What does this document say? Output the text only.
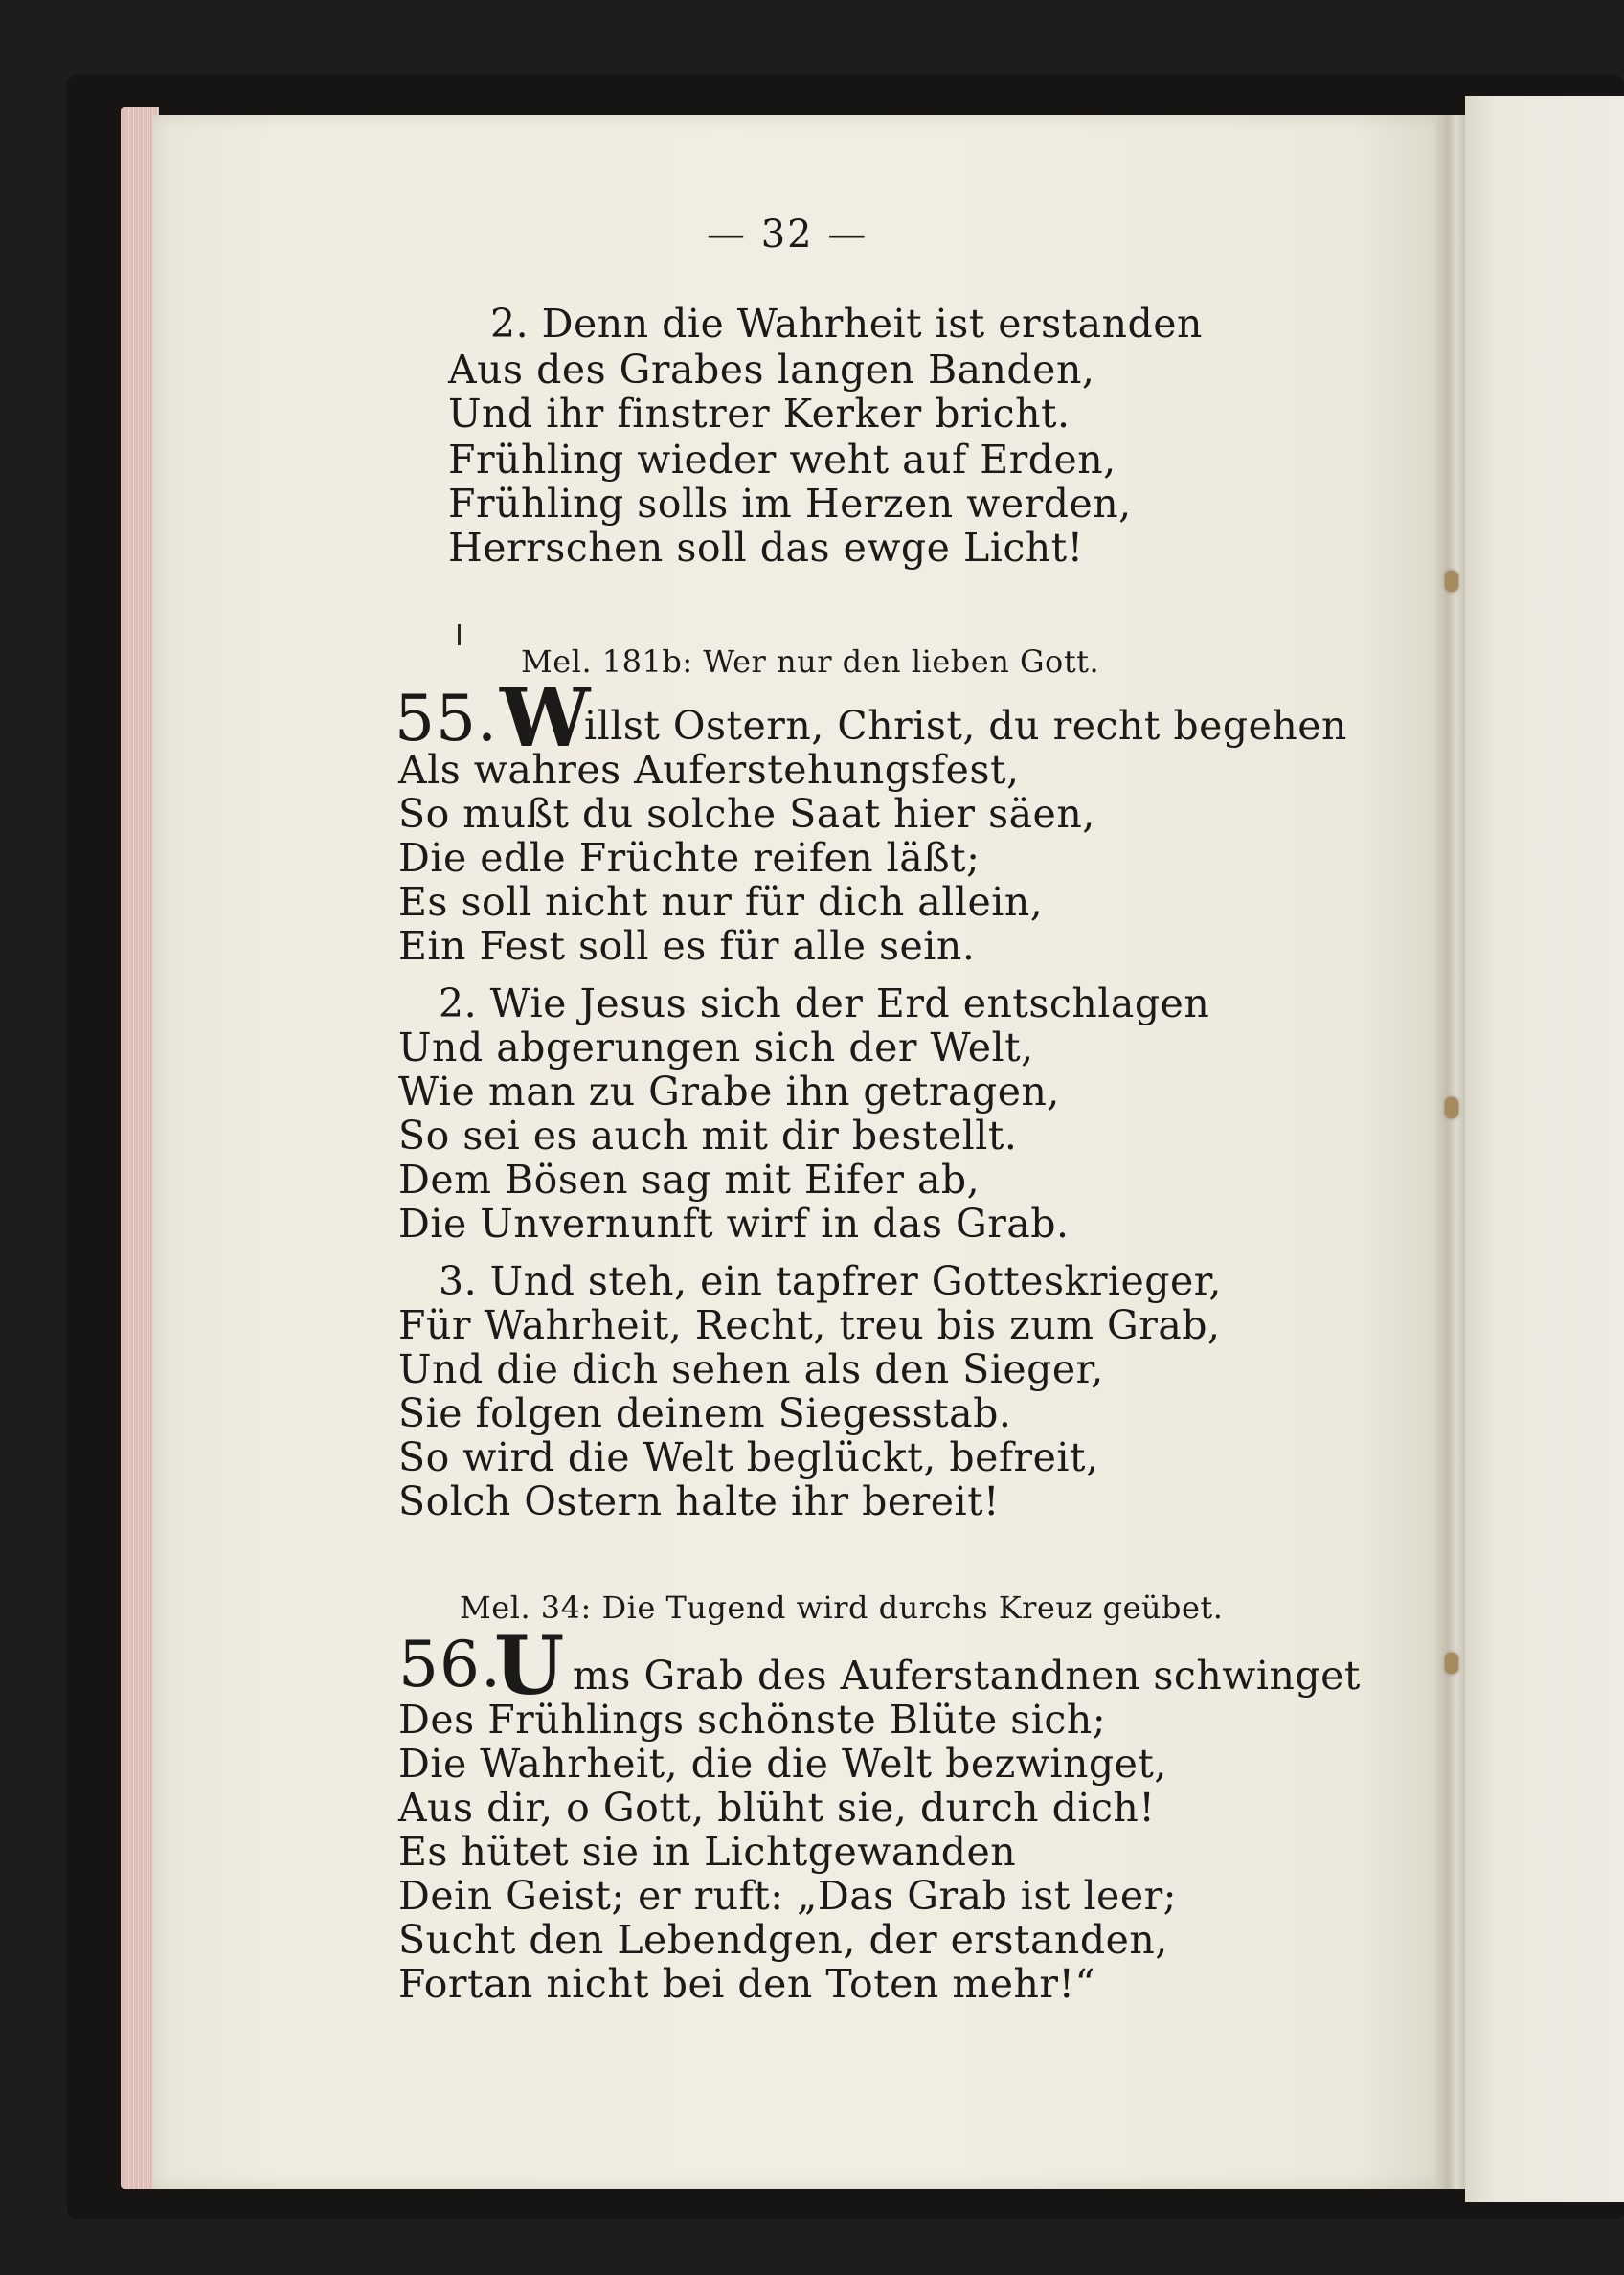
— 32 —
2. Denn die Wahrheit ist erstanden
Aus des Grabes langen Banden,
Und ihr finstrer Kerker bricht.
Frühling wieder weht auf Erden,
Frühling solls im Herzen werden,
Herrschen soll das ewge Licht!
Mel. 181b: Wer nur den lieben Gott.
55. W
illst Ostern, Christ, du recht begehen
Als wahres Auferstehungsfest,
So mußt du solche Saat hier säen,
Die edle Früchte reifen läßt;
Es soll nicht nur für dich allein,
Ein Fest soll es für alle sein.
2. Wie Jesus sich der Erd entschlagen
Und abgerungen sich der Welt,
Wie man zu Grabe ihn getragen,
So sei es auch mit dir bestellt.
Dem Bösen sag mit Eifer ab,
Die Unvernunft wirf in das Grab.
3. Und steh, ein tapfrer Gotteskrieger,
Für Wahrheit, Recht, treu bis zum Grab,
Und die dich sehen als den Sieger,
Sie folgen deinem Siegesstab.
So wird die Welt beglückt, befreit,
Solch Ostern halte ihr bereit!
Mel. 34: Die Tugend wird durchs Kreuz geübet.
56.
U ms Grab des Auferstandnen schwinget
Des Frühlings schönste Blüte sich;
Die Wahrheit, die die Welt bezwinget,
Aus dir, o Gott, blüht sie, durch dich!
Es hütet sie in Lichtgewanden
Dein Geist; er ruft: „Das Grab ist leer;
Sucht den Lebendgen, der erstanden,
Fortan nicht bei den Toten mehr!“
